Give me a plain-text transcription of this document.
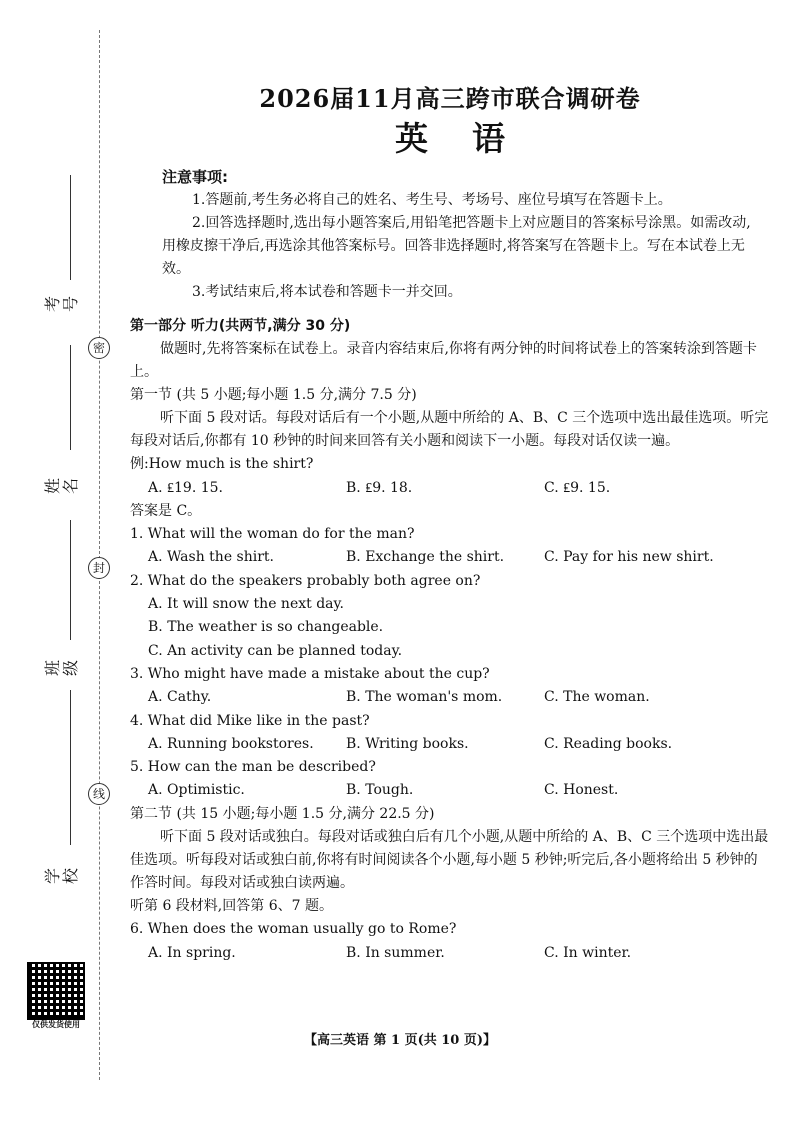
密
封
线
考号
姓名
班级
学校
仅供发货使用
2026届11月高三跨市联合调研卷
英语
注意事项:

1.答题前,考生务必将自己的姓名、考生号、考场号、座位号填写在答题卡上。

2.回答选择题时,选出每小题答案后,用铅笔把答题卡上对应题目的答案标号涂黑。如需改动,用橡皮擦干净后,再选涂其他答案标号。回答非选择题时,将答案写在答题卡上。写在本试卷上无效。

3.考试结束后,将本试卷和答题卡一并交回。

第一部分 听力(共两节,满分 30 分)

做题时,先将答案标在试卷上。录音内容结束后,你将有两分钟的时间将试卷上的答案转涂到答题卡上。

第一节 (共 5 小题;每小题 1.5 分,满分 7.5 分)

听下面 5 段对话。每段对话后有一个小题,从题中所给的 A、B、C 三个选项中选出最佳选项。听完每段对话后,你都有 10 秒钟的时间来回答有关小题和阅读下一小题。每段对话仅读一遍。

例:How much is the shirt?
A. ₤19. 15.	B. ₤9. 18.	C. ₤9. 15.
答案是 C。
1. What will the woman do for the man?
A. Wash the shirt.	B. Exchange the shirt.	C. Pay for his new shirt.
2. What do the speakers probably both agree on?
A. It will snow the next day.
B. The weather is so changeable.
C. An activity can be planned today.
3. Who might have made a mistake about the cup?
A. Cathy.	B. The woman's mom.	C. The woman.
4. What did Mike like in the past?
A. Running bookstores.	B. Writing books.	C. Reading books.
5. How can the man be described?
A. Optimistic.	B. Tough.	C. Honest.
第二节 (共 15 小题;每小题 1.5 分,满分 22.5 分)

听下面 5 段对话或独白。每段对话或独白后有几个小题,从题中所给的 A、B、C 三个选项中选出最佳选项。听每段对话或独白前,你将有时间阅读各个小题,每小题 5 秒钟;听完后,各小题将给出 5 秒钟的作答时间。每段对话或独白读两遍。

听第 6 段材料,回答第 6、7 题。
6. When does the woman usually go to Rome?
A. In spring.	B. In summer.	C. In winter.
【高三英语 第 1 页(共 10 页)】
